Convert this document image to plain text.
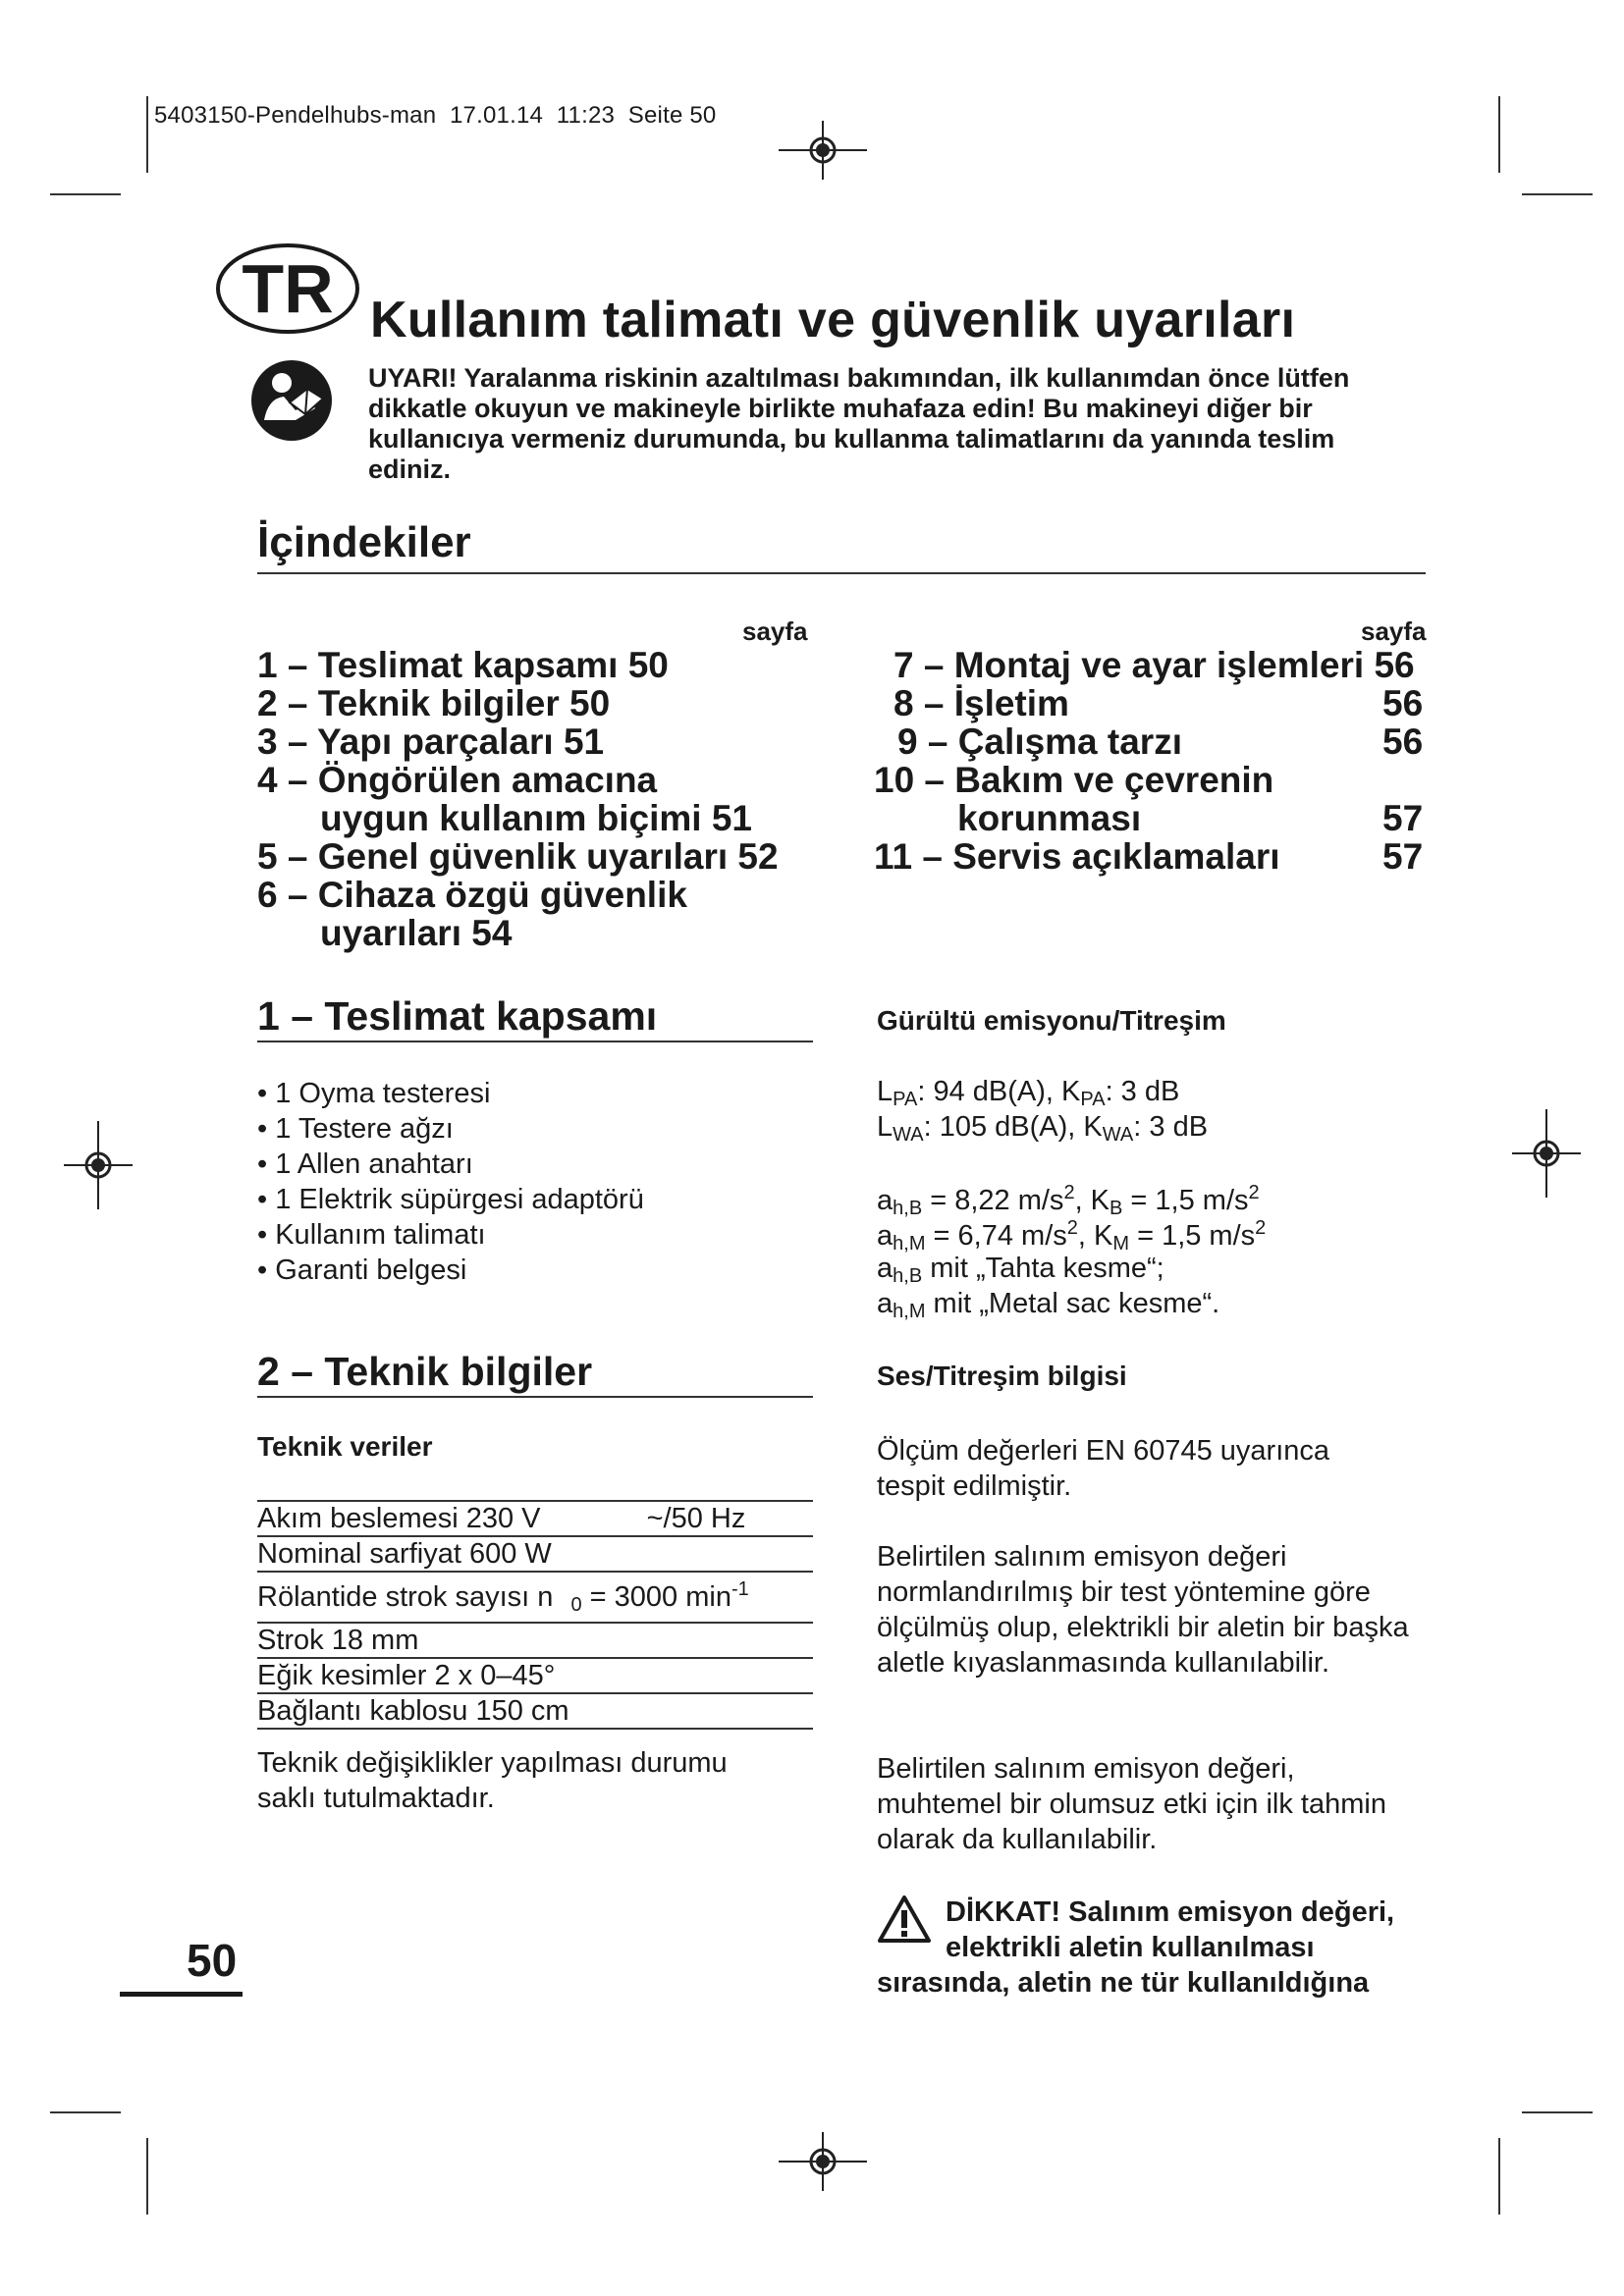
5403150-Pendelhubs-man  17.01.14  11:23  Seite 50
TR Kullanım talimatı ve güvenlik uyarıları
UYARI! Yaralanma riskinin azaltılması bakımından, ilk kullanımdan önce lütfen dikkatle okuyun ve makineyle birlikte muhafaza edin! Bu makineyi diğer bir kullanıcıya vermeniz durumunda, bu kullanma talimatlarını da yanında teslim ediniz.
İçindekiler
sayfa	sayfa
1 – Teslimat kapsamı 50
2 – Teknik bilgiler 50
3 – Yapı parçaları 51
4 – Öngörülen amacına
uygun kullanım biçimi 51
5 – Genel güvenlik uyarıları 52
6 – Cihaza özgü güvenlik
uyarıları 54
7 – Montaj ve ayar işlemleri 56
8 – İşletim	56
9 – Çalışma tarzı	56
10 – Bakım ve çevrenin
korunması	57
11 – Servis açıklamaları	57
1 – Teslimat kapsamı
• 1 Oyma testeresi
• 1 Testere ağzı
• 1 Allen anahtarı
• 1 Elektrik süpürgesi adaptörü
• Kullanım talimatı
• Garanti belgesi
2 – Teknik bilgiler
Teknik veriler
Akım beslemesi 230 V	~/50 Hz
Nominal sarfiyat 600 W
Rölantide strok sayısı n $_0$ = 3000 $\min^{-1}$
Strok 18 mm
Eğik kesimler 2 x 0–45°
Bağlantı kablosu 150 cm
Teknik değişiklikler yapılması durumu saklı tutulmaktadır.
Gürültü emisyonu/Titreşim
$L_{PA}$: 94 dB(A), $K_{PA}$: 3 dB
$L_{WA}$: 105 dB(A), $K_{WA}$: 3 dB
$a_{h,B} = 8,22$ $m/s^2$, $K_B = 1,5$ $m/s^2$
$a_{h,M} = 6,74$ $m/s^2$, $K_M = 1,5$ $m/s^2$
$a_{h,B}$ mit „Tahta kesme“;
$a_{h,M}$ mit „Metal sac kesme“.
Ses/Titreşim bilgisi
Ölçüm değerleri EN 60745 uyarınca tespit edilmiştir.
Belirtilen salınım emisyon değeri normlandırılmış bir test yöntemine göre ölçülmüş olup, elektrikli bir aletin bir başka aletle kıyaslanmasında kullanılabilir.
Belirtilen salınım emisyon değeri, muhtemel bir olumsuz etki için ilk tahmin olarak da kullanılabilir.
DİKKAT! Salınım emisyon değeri,
elektrikli aletin kullanılması
sırasında, aletin ne tür kullanıldığına
50
